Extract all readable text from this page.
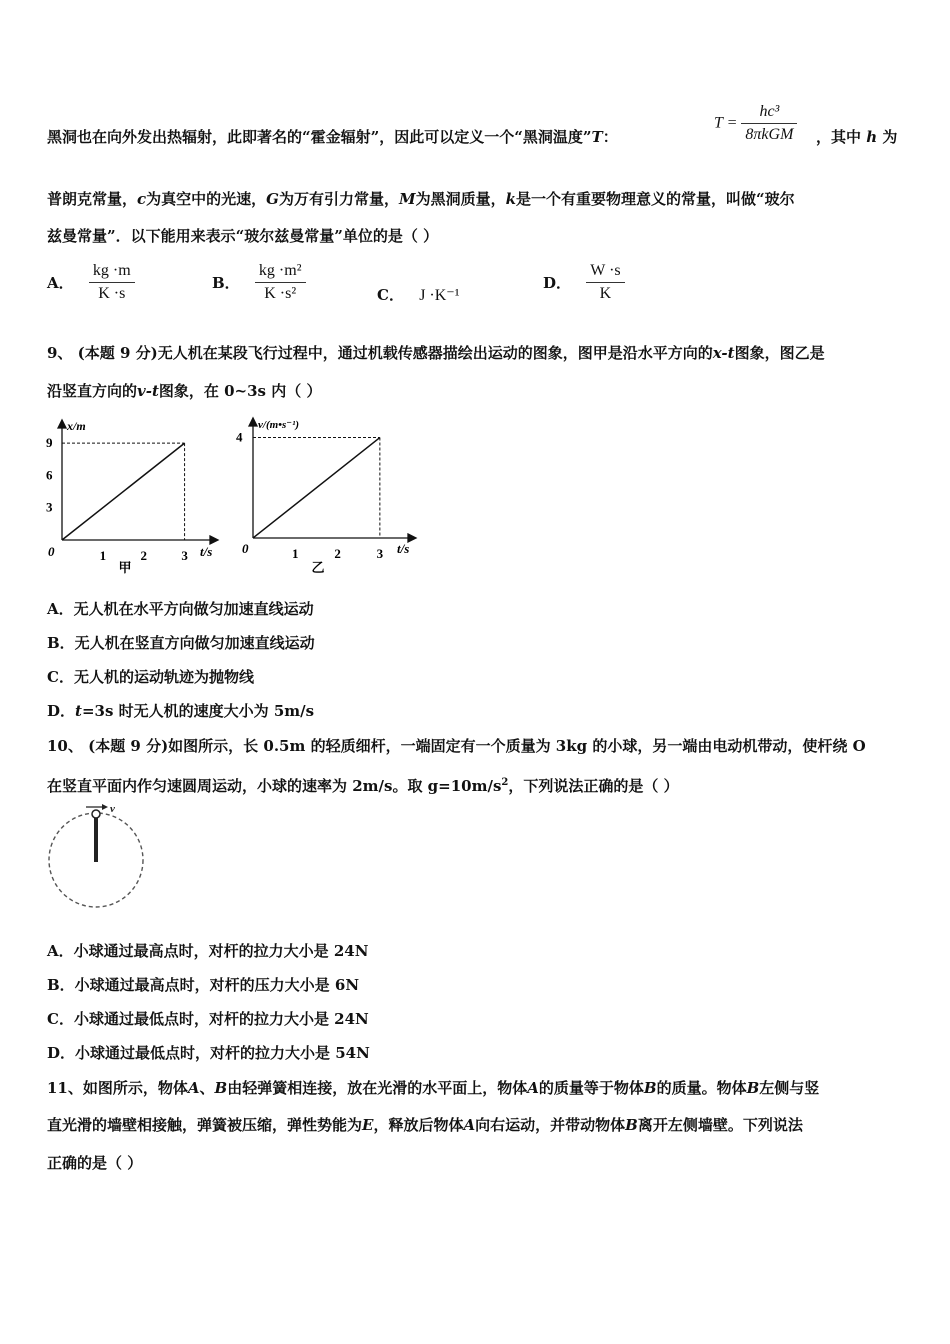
黑洞也在向外发出热辐射，此即著名的“霍金辐射”，因此可以定义一个“黑洞温度”T：
$T = \frac{\text{hc³}}{\text{8πkGM}}$ ，其中 h 为
普朗克常量，c为真空中的光速，G为万有引力常量，M为黑洞质量，k是一个有重要物理意义的常量，叫做“玻尔
兹曼常量”．以下能用来表示“玻尔兹曼常量”单位的是（ ）
A． $\frac{kg \cdot m}{K \cdot s}$	B． $\frac{\text{kg ·m²}}{\text{K ·s²}}$	C． J ·K⁻¹
D． $\frac{W \cdot s}{K}$
9、 (本题 9 分)无人机在某段飞行过程中，通过机载传感器描绘出运动的图象，图甲是沿水平方向的x-t图象，图乙是
沿竖直方向的v-t图象，在 0~3s 内（ ）
9
6
3
0	1	2	3 t/s
x/m
甲
4
0	1	2	3 t/s
v/(m•s⁻¹)
乙
A．无人机在水平方向做匀加速直线运动
B．无人机在竖直方向做匀加速直线运动
C．无人机的运动轨迹为抛物线
D．t=3s 时无人机的速度大小为 5m/s
10、 (本题 9 分)如图所示，长 0.5m 的轻质细杆，一端固定有一个质量为 3kg 的小球，另一端由电动机带动，使杆绕 O
在竖直平面内作匀速圆周运动，小球的速率为 2m/s。取 $g=10m/s^2$，下列说法正确的是（ ）
v
A．小球通过最高点时，对杆的拉力大小是 24N
B．小球通过最高点时，对杆的压力大小是 6N
C．小球通过最低点时，对杆的拉力大小是 24N
D．小球通过最低点时，对杆的拉力大小是 54N
11、如图所示，物体A、B由轻弹簧相连接，放在光滑的水平面上，物体A的质量等于物体B的质量。物体B左侧与竖
直光滑的墙壁相接触，弹簧被压缩，弹性势能为E，释放后物体A向右运动，并带动物体B离开左侧墙壁。下列说法
正确的是（ ）
